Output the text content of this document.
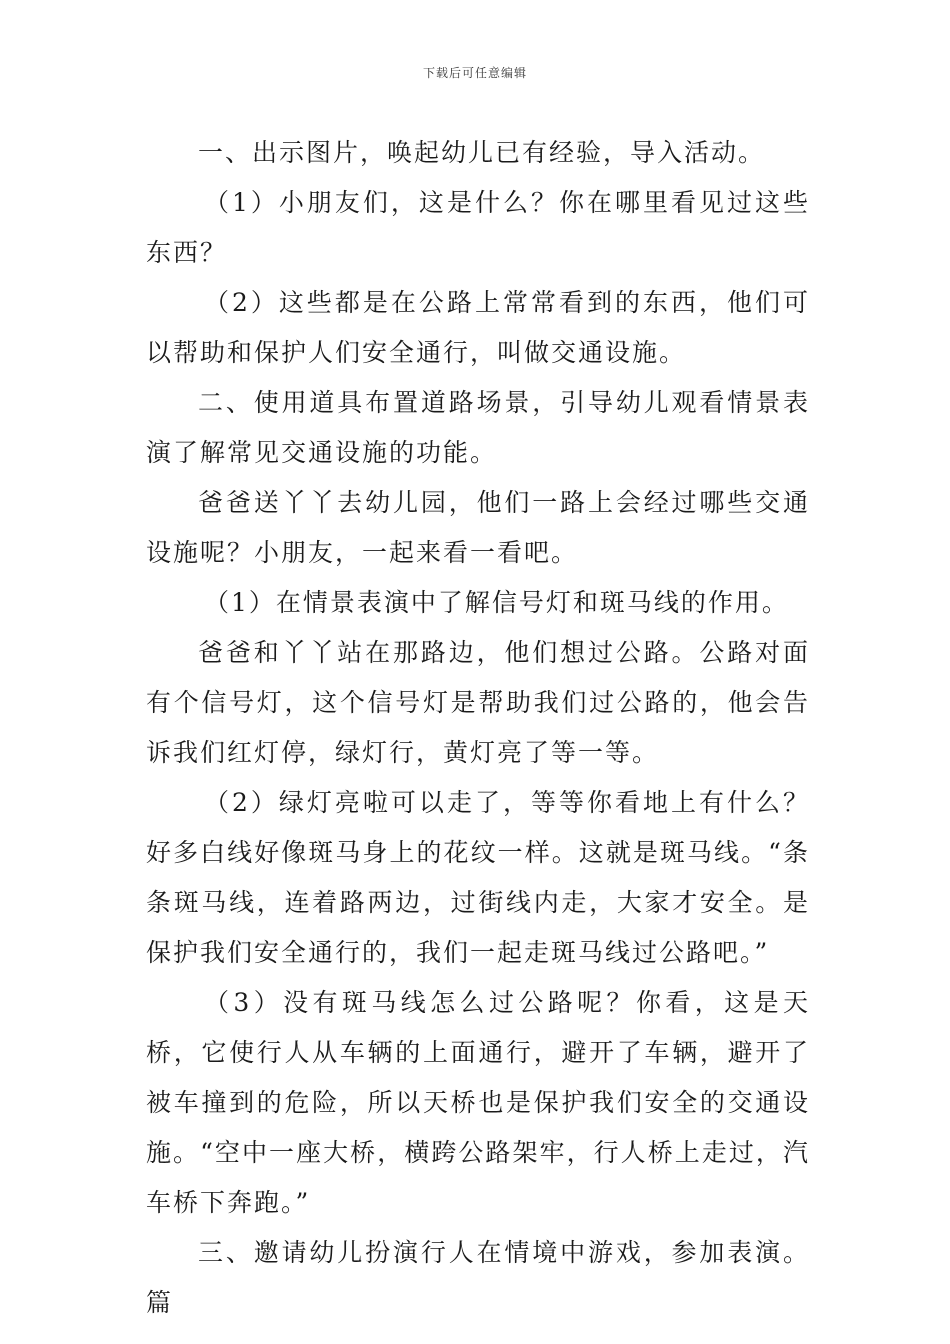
下载后可任意编辑

一、出示图片，唤起幼儿已有经验，导入活动。

（1）小朋友们，这是什么？你在哪里看见过这些东西？

（2）这些都是在公路上常常看到的东西，他们可以帮助和保护人们安全通行，叫做交通设施。

二、使用道具布置道路场景，引导幼儿观看情景表演了解常见交通设施的功能。

爸爸送丫丫去幼儿园，他们一路上会经过哪些交通设施呢？小朋友，一起来看一看吧。

（1）在情景表演中了解信号灯和斑马线的作用。

爸爸和丫丫站在那路边，他们想过公路。公路对面有个信号灯，这个信号灯是帮助我们过公路的，他会告诉我们红灯停，绿灯行，黄灯亮了等一等。

（2）绿灯亮啦可以走了，等等你看地上有什么？好多白线好像斑马身上的花纹一样。这就是斑马线。“条条斑马线，连着路两边，过街线内走，大家才安全。是保护我们安全通行的，我们一起走斑马线过公路吧。”

（3）没有斑马线怎么过公路呢？你看，这是天桥，它使行人从车辆的上面通行，避开了车辆，避开了被车撞到的危险，所以天桥也是保护我们安全的交通设施。“空中一座大桥，横跨公路架牢，行人桥上走过，汽车桥下奔跑。”

三、邀请幼儿扮演行人在情境中游戏，参加表演。篇
